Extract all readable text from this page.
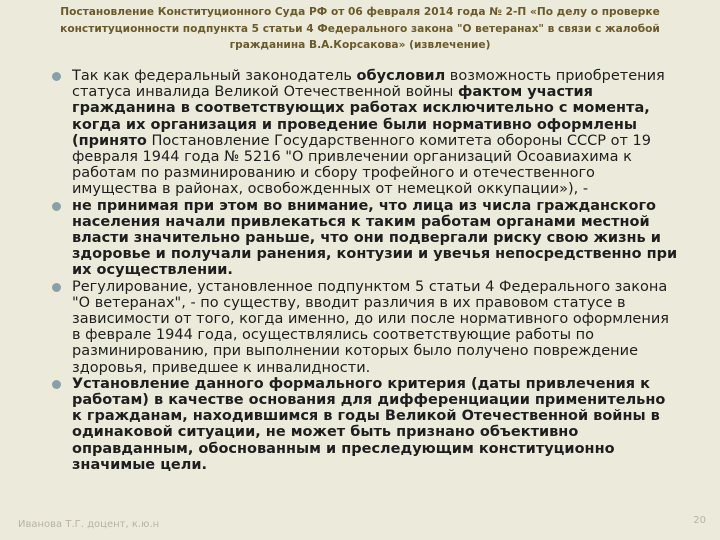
Постановление Конституционного Суда РФ от 06 февраля 2014 года № 2-П «По делу о проверке конституционности подпункта 5 статьи 4 Федерального закона "О ветеранах" в связи с жалобой гражданина В.А.Корсакова» (извлечение)
Так как федеральный законодатель обусловил возможность приобретения статуса инвалида Великой Отечественной войны фактом участия гражданина в соответствующих работах исключительно с момента, когда их организация и проведение были нормативно оформлены (принято Постановление Государственного комитета обороны СССР от 19 февраля 1944 года № 5216 "О привлечении организаций Осоавиахима к работам по разминированию и сбору трофейного и отечественного имущества в районах, освобожденных от немецкой оккупации»), -
не принимая при этом во внимание, что лица из числа гражданского населения начали привлекаться к таким работам органами местной власти значительно раньше, что они подвергали риску свою жизнь и здоровье и получали ранения, контузии и увечья непосредственно при их осуществлении.
Регулирование, установленное подпунктом 5 статьи 4 Федерального закона "О ветеранах", - по существу, вводит различия в их правовом статусе в зависимости от того, когда именно, до или после нормативного оформления в феврале 1944 года, осуществлялись соответствующие работы по разминированию, при выполнении которых было получено повреждение здоровья, приведшее к инвалидности.
Установление данного формального критерия (даты привлечения к работам) в качестве основания для дифференциации применительно к гражданам, находившимся в годы Великой Отечественной войны в одинаковой ситуации, не может быть признано объективно оправданным, обоснованным и преследующим конституционно значимые цели.
Иванова Т.Г. доцент, к.ю.н	20
